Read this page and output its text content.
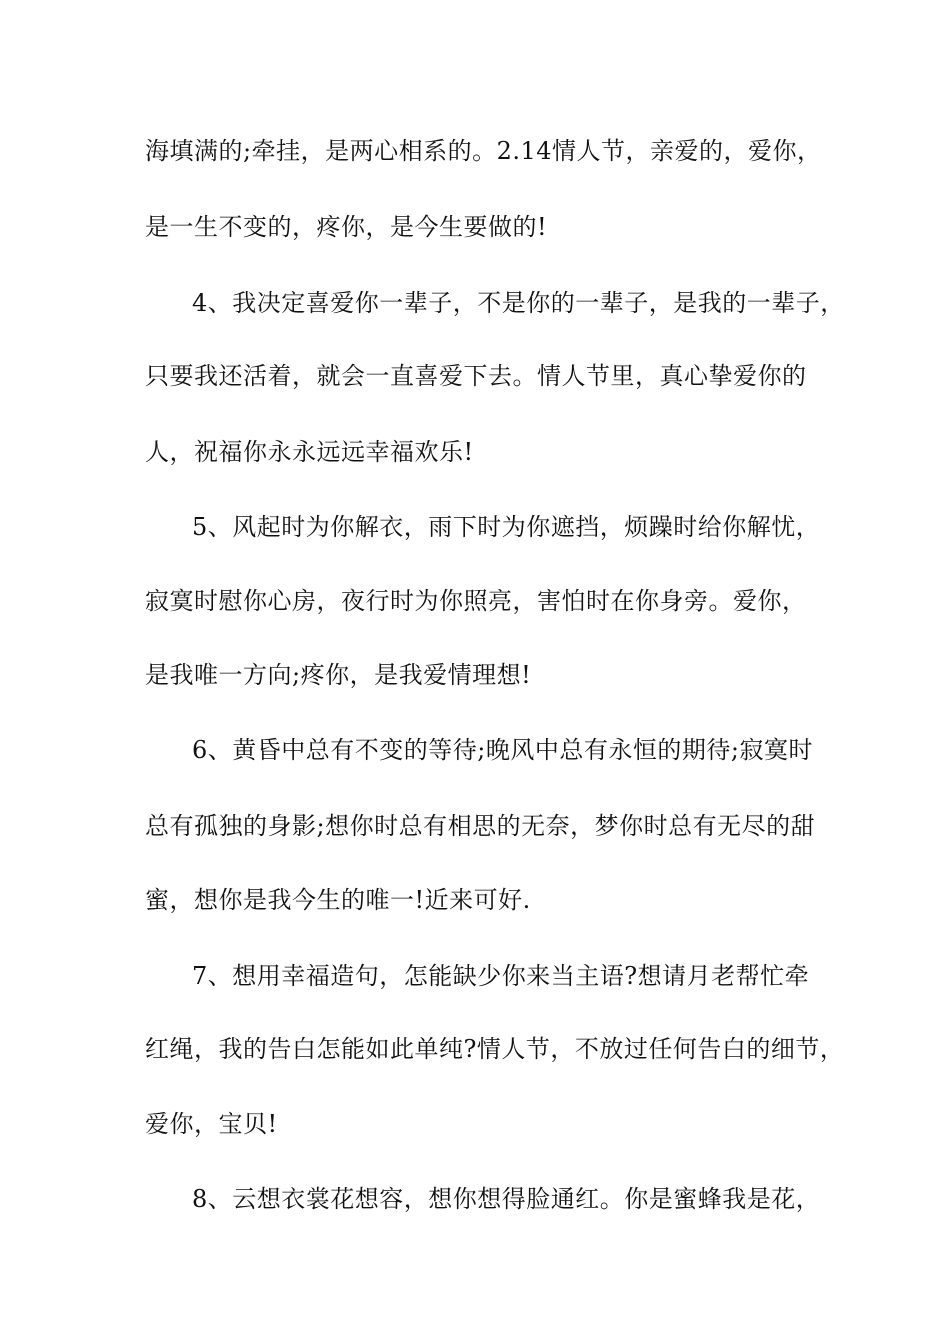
海填满的;牵挂，是两心相系的。2.14情人节，亲爱的，爱你，
是一生不变的，疼你，是今生要做的!
4、我决定喜爱你一辈子，不是你的一辈子，是我的一辈子，
只要我还活着，就会一直喜爱下去。情人节里，真心挚爱你的
人，祝福你永永远远幸福欢乐!
5、风起时为你解衣，雨下时为你遮挡，烦躁时给你解忧，
寂寞时慰你心房，夜行时为你照亮，害怕时在你身旁。爱你，
是我唯一方向;疼你，是我爱情理想!
6、黄昏中总有不变的等待;晚风中总有永恒的期待;寂寞时
总有孤独的身影;想你时总有相思的无奈，梦你时总有无尽的甜
蜜，想你是我今生的唯一!近来可好.
7、想用幸福造句，怎能缺少你来当主语?想请月老帮忙牵
红绳，我的告白怎能如此单纯?情人节，不放过任何告白的细节，
爱你，宝贝!
8、云想衣裳花想容，想你想得脸通红。你是蜜蜂我是花，
